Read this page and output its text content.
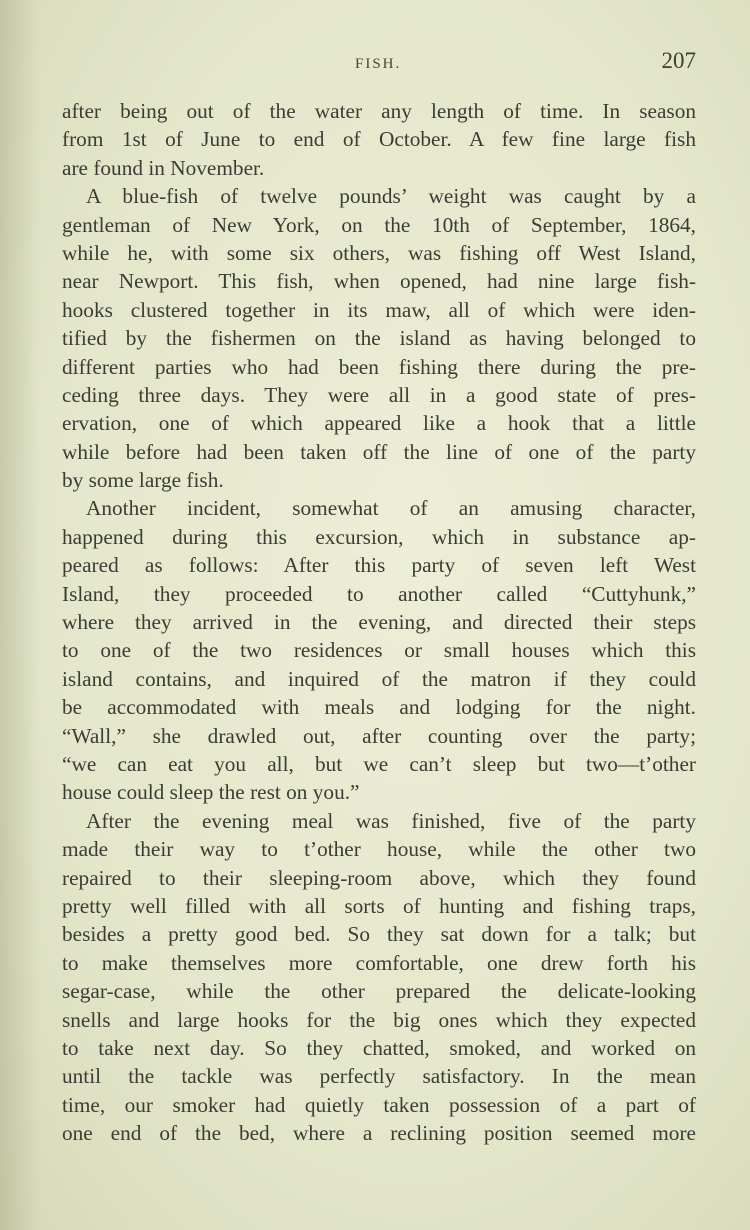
FISH.	207
after being out of the water any length of time. In season
from 1st of June to end of October. A few fine large fish
are found in November.
A blue-fish of twelve pounds’ weight was caught by a
gentleman of New York, on the 10th of September, 1864,
while he, with some six others, was fishing off West Island,
near Newport. This fish, when opened, had nine large fish-
hooks clustered together in its maw, all of which were iden-
tified by the fishermen on the island as having belonged to
different parties who had been fishing there during the pre-
ceding three days. They were all in a good state of pres-
ervation, one of which appeared like a hook that a little
while before had been taken off the line of one of the party
by some large fish.
Another incident, somewhat of an amusing character,
happened during this excursion, which in substance ap-
peared as follows: After this party of seven left West
Island, they proceeded to another called “Cuttyhunk,”
where they arrived in the evening, and directed their steps
to one of the two residences or small houses which this
island contains, and inquired of the matron if they could
be accommodated with meals and lodging for the night.
“Wall,” she drawled out, after counting over the party;
“we can eat you all, but we can’t sleep but two—t’other
house could sleep the rest on you.”
After the evening meal was finished, five of the party
made their way to t’other house, while the other two
repaired to their sleeping-room above, which they found
pretty well filled with all sorts of hunting and fishing traps,
besides a pretty good bed. So they sat down for a talk; but
to make themselves more comfortable, one drew forth his
segar-case, while the other prepared the delicate-looking
snells and large hooks for the big ones which they expected
to take next day. So they chatted, smoked, and worked on
until the tackle was perfectly satisfactory. In the mean
time, our smoker had quietly taken possession of a part of
one end of the bed, where a reclining position seemed more
